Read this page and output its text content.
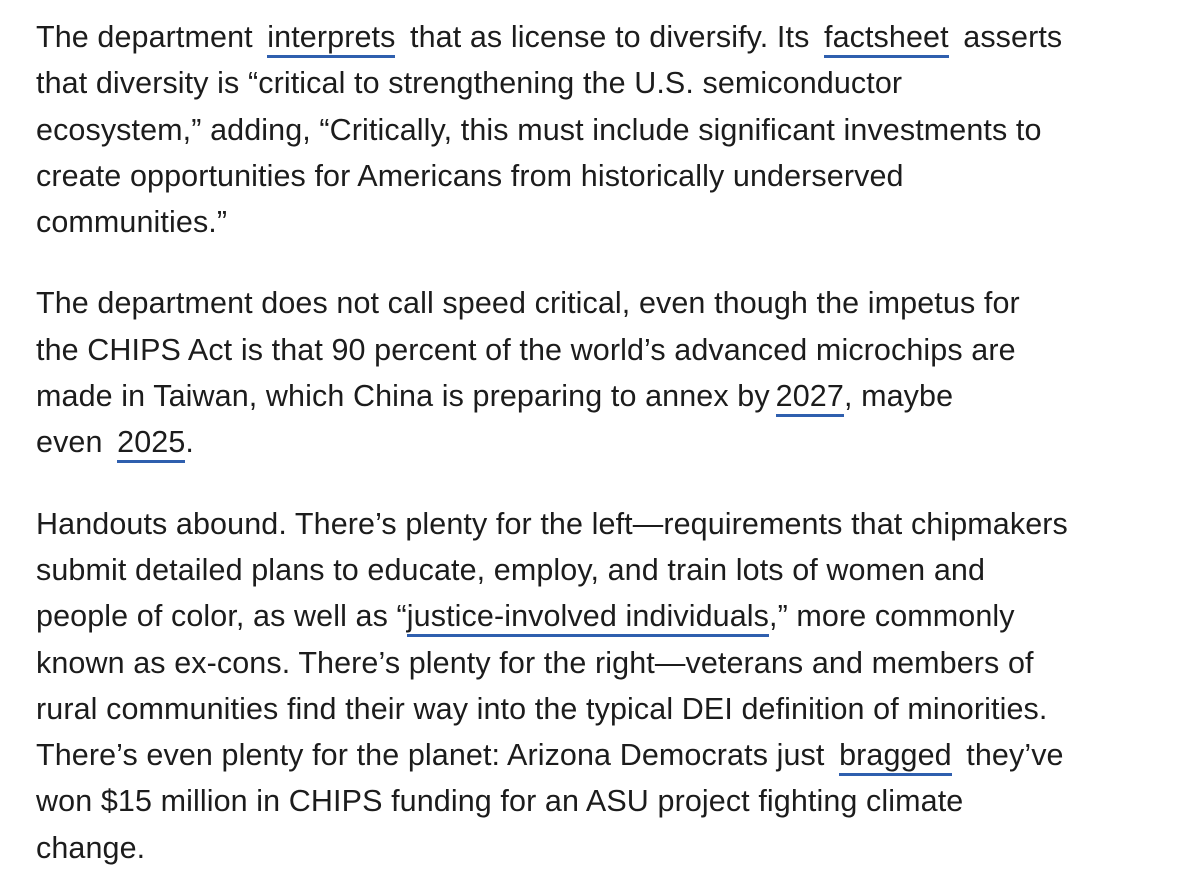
The department interprets that as license to diversify. Its factsheet asserts
that diversity is “critical to strengthening the U.S. semiconductor
ecosystem,” adding, “Critically, this must include significant investments to
create opportunities for Americans from historically underserved
communities.”

The department does not call speed critical, even though the impetus for
the CHIPS Act is that 90 percent of the world’s advanced microchips are
made in Taiwan, which China is preparing to annex by 2027, maybe
even 2025.

Handouts abound. There’s plenty for the left—requirements that chipmakers
submit detailed plans to educate, employ, and train lots of women and
people of color, as well as “justice-involved individuals,” more commonly
known as ex-cons. There’s plenty for the right—veterans and members of
rural communities find their way into the typical DEI definition of minorities.
There’s even plenty for the planet: Arizona Democrats just bragged they’ve
won $15 million in CHIPS funding for an ASU project fighting climate
change.
